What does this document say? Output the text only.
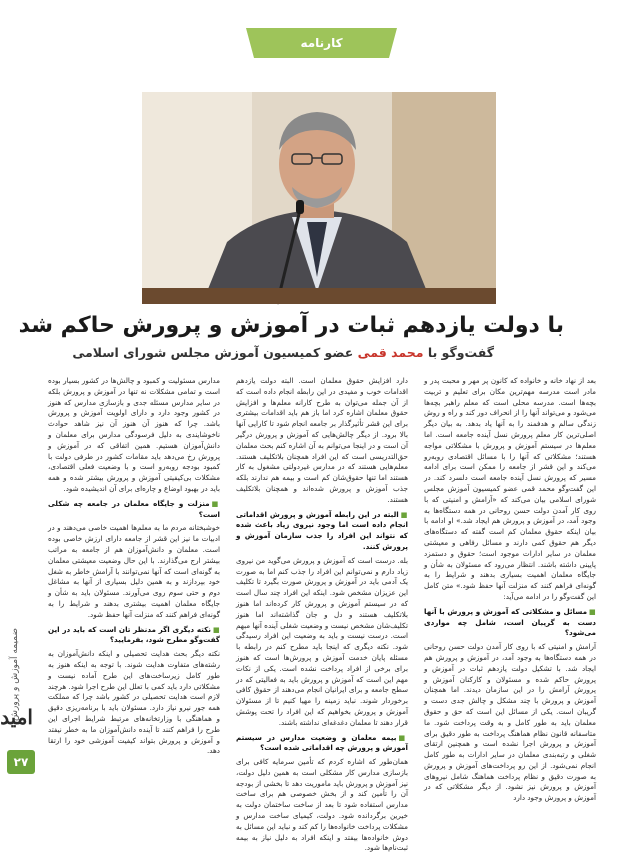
کارنامه
با دولت یازدهم ثبات در آموزش و پرورش حاکم شد
گفت‌وگو با محمد قمی عضو کمیسیون آموزش مجلس شورای اسلامی

بعد از نهاد خانه و خانواده که کانون پر مهر و محبت پدر و مادر است مدرسه مهم‌ترین مکان برای تعلیم و تربیت بچه‌ها است. مدرسه محلی است که معلم راهبر بچه‌ها می‌شود و می‌تواند آنها را از انحراف دور کند و راه و روش زندگی سالم و هدفمند را به آنها یاد بدهد. به بیان دیگر اصلی‌ترین کار معلم پرورش نسل آینده جامعه است. اما معلم‌ها در سیستم آموزش و پرورش با مشکلاتی مواجه هستند؛ مشکلاتی که آنها را با مسائل اقتصادی روبه‌رو می‌کند و این قشر از جامعه را ممکن است برای ادامه مسیر که پرورش نسل آینده جامعه است دلسرد کند. در این گفت‌وگو محمد قمی عضو کمیسیون آموزش مجلس شورای اسلامی بیان می‌کند که «آرامش و امنیتی که با روی کار آمدن دولت حسن روحانی در همه دستگاه‌ها به وجود آمد، در آموزش و پرورش هم ایجاد شد.» او ادامه با بیان اینکه حقوق معلمان کم است گفته که دستگاه‌های دیگر هم حقوق کمی دارند و مسائل رفاهی و معیشتی معلمان در سایر ادارات موجود است؛ حقوق و دستمزد پایینی داشته باشند. انتظار می‌رود که مسئولان به شأن و جایگاه معلمان اهمیت بسیاری بدهند و شرایط را به گونه‌ای فراهم کنند که منزلت آنها حفظ شود.» متن کامل این گفت‌وگو را در ادامه می‌آید:

■مسائل و مشکلاتی که آموزش و پرورش با آنها دست به گریبان است، شامل چه مواردی می‌شود؟

آرامش و امنیتی که با روی کار آمدن دولت حسن روحانی در همه دستگاه‌ها به وجود آمد، در آموزش و پرورش هم ایجاد شد. با تشکیل دولت یازدهم ثبات در آموزش و پرورش حاکم شده و مسئولان و کارکنان آموزش و پرورش آرامش را در این سازمان دیدند. اما همچنان آموزش و پرورش با چند مشکل و چالش جدی دست و گریبان است. یکی از مسائل این است که حق و حقوق معلمان باید به طور کامل و به وقت پرداخت شود. ما متاسفانه قانون نظام هماهنگ پرداخت به طور دقیق برای آموزش و پرورش اجرا نشده است و همچنین ارتقای شغلی و رتبه‌بندی معلمان در سایر ادارات به طور کامل انجام نمی‌شود. از این رو پرداخت‌های آموزش و پرورش به صورت دقیق و نظام پرداخت هماهنگ شامل نیروهای آموزش و پرورش نیز نشود. از دیگر مشکلاتی که در آموزش و پرورش وجود دارد

دارد افزایش حقوق معلمان است. البته دولت یازدهم اقدامات خوب و مفیدی در این رابطه انجام داده است که از آن جمله می‌توان به طرح کارانه معلم‌ها و افزایش حقوق معلمان اشاره کرد اما باز هم باید اقدامات بیشتری برای این قشر تأثیرگذار بر جامعه انجام شود تا کارایی آنها بالا برود. از دیگر چالش‌هایی که آموزش و پرورش درگیر آن است و در اینجا می‌توانم به آن اشاره کنم بحث معلمان حق‌التدریسی است که این افراد همچنان بلاتکلیف هستند. معلم‌هایی هستند که در مدارس غیردولتی مشغول به کار هستند اما تنها حقوق‌شان کم است و بیمه هم ندارند بلکه جذب آموزش و پرورش شده‌اند و همچنان بلاتکلیف هستند.

■البته در این رابطه آموزش و پرورش اقداماتی انجام داده است اما وجود نیروی زیاد باعث شده که نتواند این افراد را جذب سازمان آموزش و پرورش کنند.

بله. درست است که آموزش و پرورش می‌گوید من نیروی زیاد دارم و نمی‌توانم این افراد را جذب کنم اما به صورت یک آدمی باید در آموزش و پرورش صورت بگیرد تا تکلیف این عزیزان مشخص شود. اینکه این افراد چند سال است که در سیستم آموزش و پرورش کار کرده‌اند اما هنوز بلاتکلیف هستند و دل و جان گذاشته‌اند اما هنوز تکلیف‌شان مشخص نیست و وضعیت شغلی آینده آنها مبهم است. درست نیست و باید به وضعیت این افراد رسیدگی شود. نکته دیگری که اینجا باید مطرح کنم در رابطه با مسئله پایان خدمت آموزش و پرورش‌ها است که هنوز برای برخی از افراد پرداخت نشده است. یکی از نکات مهم این است که آموزش و پرورش باید به فعالیتی که در سطح جامعه و برای ایرانیان انجام می‌دهند از حقوق کافی برخوردار شوند. نباید زمینه را مهیا کنیم تا از مسئولان آموزش و پرورش بخواهیم که این افراد را تحت پوشش قرار دهند تا معلمان دغدغه‌ای نداشته باشند.

■بیمه معلمان و وضعیت مدارس در سیستم آموزش و پرورش چه اقداماتی شده است؟

همان‌طور که اشاره کردم که تأمین سرمایه کافی برای بازسازی مدارس کار مشکلی است به همین دلیل دولت، نیز آموزش و پرورش باید ماموریت دهد تا بخشی از بودجه آن را تأمین کند و از بخش خصوصی هم برای ساخت مدارس استفاده شود تا بعد از ساخت ساختمان دولت به خیرین برگردانده شود. دولت، کیمیای ساخت مدارس و مشکلات پرداخت خانواده‌ها را کم کند و نباید این مسائل به دوش خانواده‌ها بیفتد و اینکه افراد به دلیل نیاز به بیمه ثبت‌نام‌ها شود.

مدارس مسئولیت و کمبود و چالش‌ها در کشور بسیار بوده است و تمامی مشکلات نه تنها در آموزش و پرورش بلکه در سایر مدارس مسئله جدی و بازسازی مدارس که هنوز در کشور وجود دارد و دارای اولویت آموزش و پرورش باشد. چرا که هنوز آن هنوز آن نیز شاهد حوادث ناخوشایندی به دلیل فرسودگی مدارس برای معلمان و دانش‌آموزان هستیم. همین اتفاقی که در آموزش و پرورش رخ می‌دهد باید مقامات کشور در طرفی دولت با کمبود بودجه روبه‌رو است و با وضعیت فعلی اقتصادی، مشکلات بی‌کیفیتی آموزش و پرورش بیشتر شده و همه باید در بهبود اوضاع و چاره‌ای برای آن اندیشیده شود.

■منزلت و جایگاه معلمان در جامعه چه شکلی است؟

خوشبختانه مردم ما به معلم‌ها اهمیت خاصی می‌دهند و در ادبیات ما نیز این قشر از جامعه دارای ارزش خاصی بوده است. معلمان و دانش‌آموزان هم از جامعه به مراتب بیشتر ارج می‌گذارند. با این حال وضعیت معیشتی معلمان به گونه‌ای است که آنها نمی‌توانند با آرامش خاطر به شغل خود بپردازند و به همین دلیل بسیاری از آنها به مشاغل دوم و حتی سوم روی می‌آورند. مسئولان باید به شأن و جایگاه معلمان اهمیت بیشتری بدهند و شرایط را به گونه‌ای فراهم کنند که منزلت آنها حفظ شود.

■نکته دیگری اگر مدنظر تان است که باید در این گفت‌وگو مطرح شود، بفرمایید؟

نکته دیگر بحث هدایت تحصیلی و اینکه دانش‌آموزان به رشته‌های متفاوت هدایت شوند. با توجه به اینکه هنوز به طور کامل زیرساخت‌های این طرح آماده نیست و مشکلاتی دارد باید کمی با تعلل این طرح اجرا شود. هرچند لازم است هدایت تحصیلی در کشور باشد چرا که مملکت همه جور نیرو نیاز دارد. مسئولان باید با برنامه‌ریزی دقیق و هماهنگی با وزارتخانه‌های مرتبط شرایط اجرای این طرح را فراهم کنند تا آینده دانش‌آموزان ما به خطر نیفتد و آموزش و پرورش بتواند کیفیت آموزشی خود را ارتقا دهد.

ضمیمه آموزش و پرورش
امید
۲۷
